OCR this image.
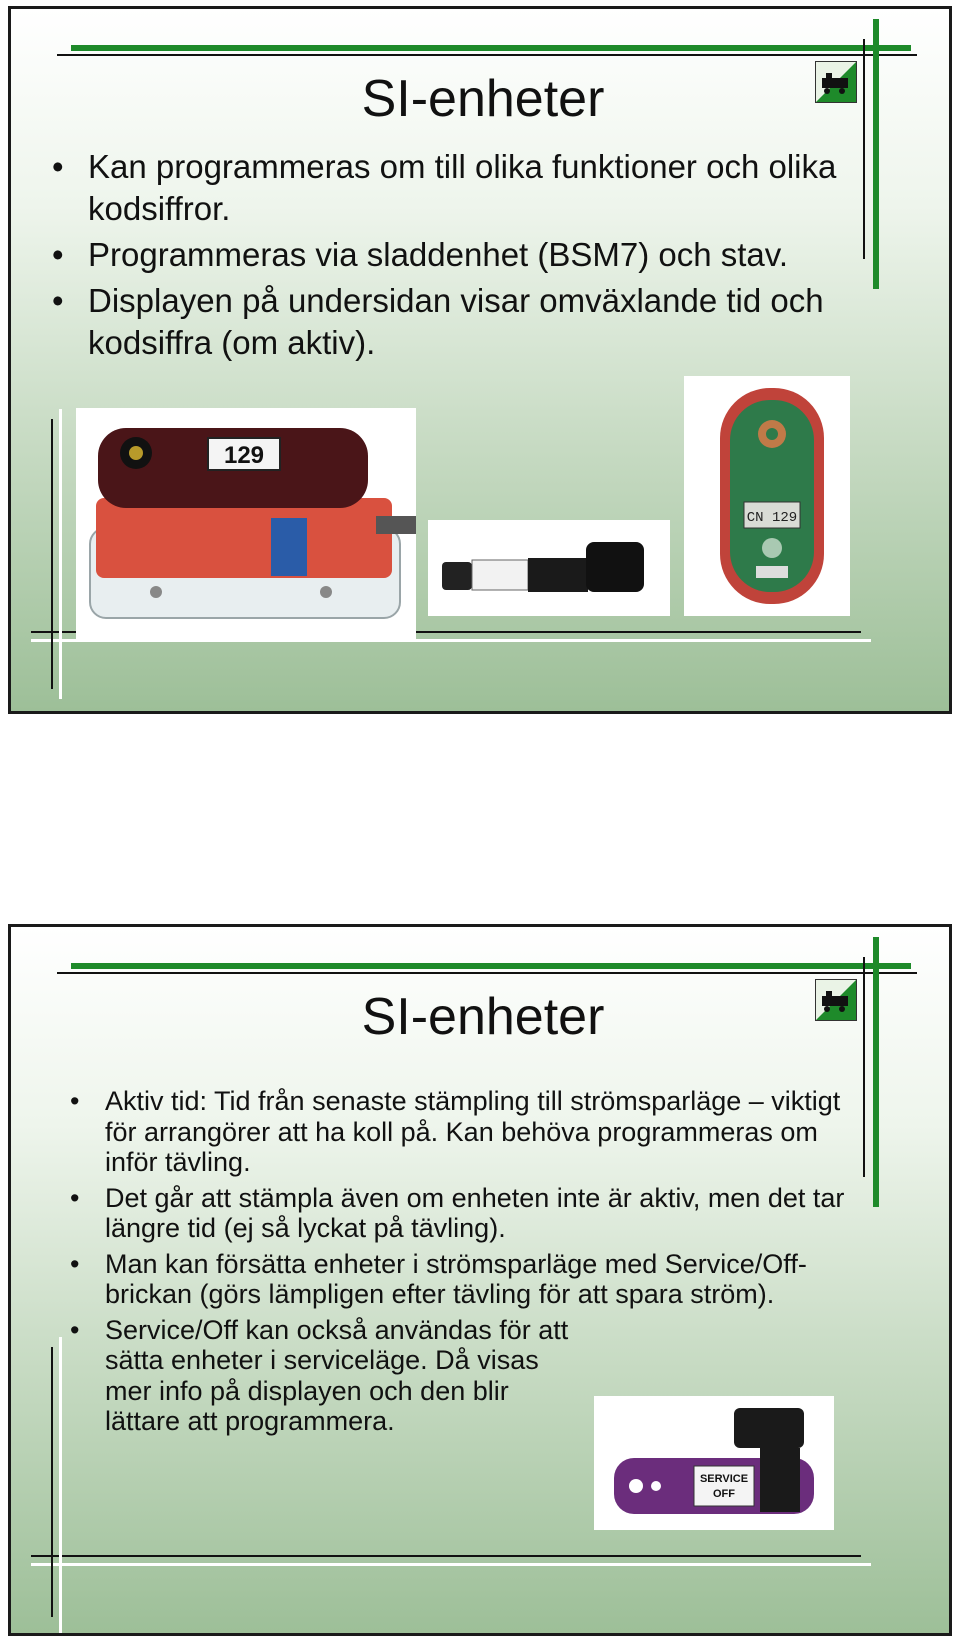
SI-enheter
• Kan programmeras om till olika funktioner och olika kodsiffror.
• Programmeras via sladdenhet (BSM7) och stav.
• Displayen på undersidan visar omväxlande tid och kodsiffra (om aktiv).
129
CN 129
SI-enheter
• Aktiv tid: Tid från senaste stämpling till strömsparläge – viktigt för arrangörer att ha koll på. Kan behöva programmeras om inför tävling.
• Det går att stämpla även om enheten inte är aktiv, men det tar längre tid (ej så lyckat på tävling).
• Man kan försätta enheter i strömsparläge med Service/Off-brickan (görs lämpligen efter tävling för att spara ström).
• Service/Off kan också användas för att sätta enheter i serviceläge. Då visas mer info på displayen och den blir lättare att programmera.
SERVICE
OFF
